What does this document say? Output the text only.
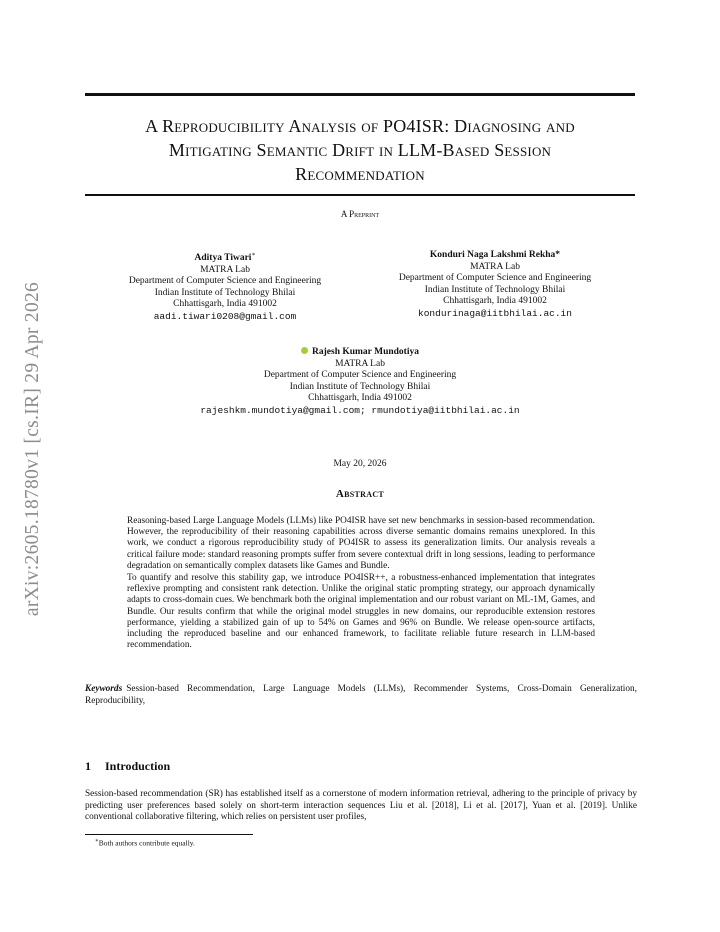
arXiv:2605.18780v1 [cs.IR] 29 Apr 2026
A Reproducibility Analysis of PO4ISR: Diagnosing and
Mitigating Semantic Drift in LLM-Based Session
Recommendation
A Preprint
Aditya Tiwari∗
MATRA Lab
Department of Computer Science and Engineering
Indian Institute of Technology Bhilai
Chhattisgarh, India 491002
aadi.tiwari0208@gmail.com
Konduri Naga Lakshmi Rekha*
MATRA Lab
Department of Computer Science and Engineering
Indian Institute of Technology Bhilai
Chhattisgarh, India 491002
kondurinaga@iitbhilai.ac.in
Rajesh Kumar Mundotiya
MATRA Lab
Department of Computer Science and Engineering
Indian Institute of Technology Bhilai
Chhattisgarh, India 491002
rajeshkm.mundotiya@gmail.com; rmundotiya@iitbhilai.ac.in
May 20, 2026
Abstract

Reasoning-based Large Language Models (LLMs) like PO4ISR have set new benchmarks in session-based recommendation. However, the reproducibility of their reasoning capabilities across diverse semantic domains remains unexplored. In this work, we conduct a rigorous reproducibility study of PO4ISR to assess its generalization limits. Our analysis reveals a critical failure mode: standard reasoning prompts suffer from severe contextual drift in long sessions, leading to performance degradation on semantically complex datasets like Games and Bundle.

To quantify and resolve this stability gap, we introduce PO4ISR++, a robustness-enhanced implementation that integrates reflexive prompting and consistent rank detection. Unlike the original static prompting strategy, our approach dynamically adapts to cross-domain cues. We benchmark both the original implementation and our robust variant on ML-1M, Games, and Bundle. Our results confirm that while the original model struggles in new domains, our reproducible extension restores performance, yielding a stabilized gain of up to 54% on Games and 96% on Bundle. We release open-source artifacts, including the reproduced baseline and our enhanced framework, to facilitate reliable future research in LLM-based recommendation.

Keywords Session-based Recommendation, Large Language Models (LLMs), Recommender Systems, Cross-Domain Generalization, Reproducibility,
1 Introduction
Session-based recommendation (SR) has established itself as a cornerstone of modern information retrieval, adhering to the principle of privacy by predicting user preferences based solely on short-term interaction sequences Liu et al. [2018], Li et al. [2017], Yuan et al. [2019]. Unlike conventional collaborative filtering, which relies on persistent user profiles,
∗Both authors contribute equally.
